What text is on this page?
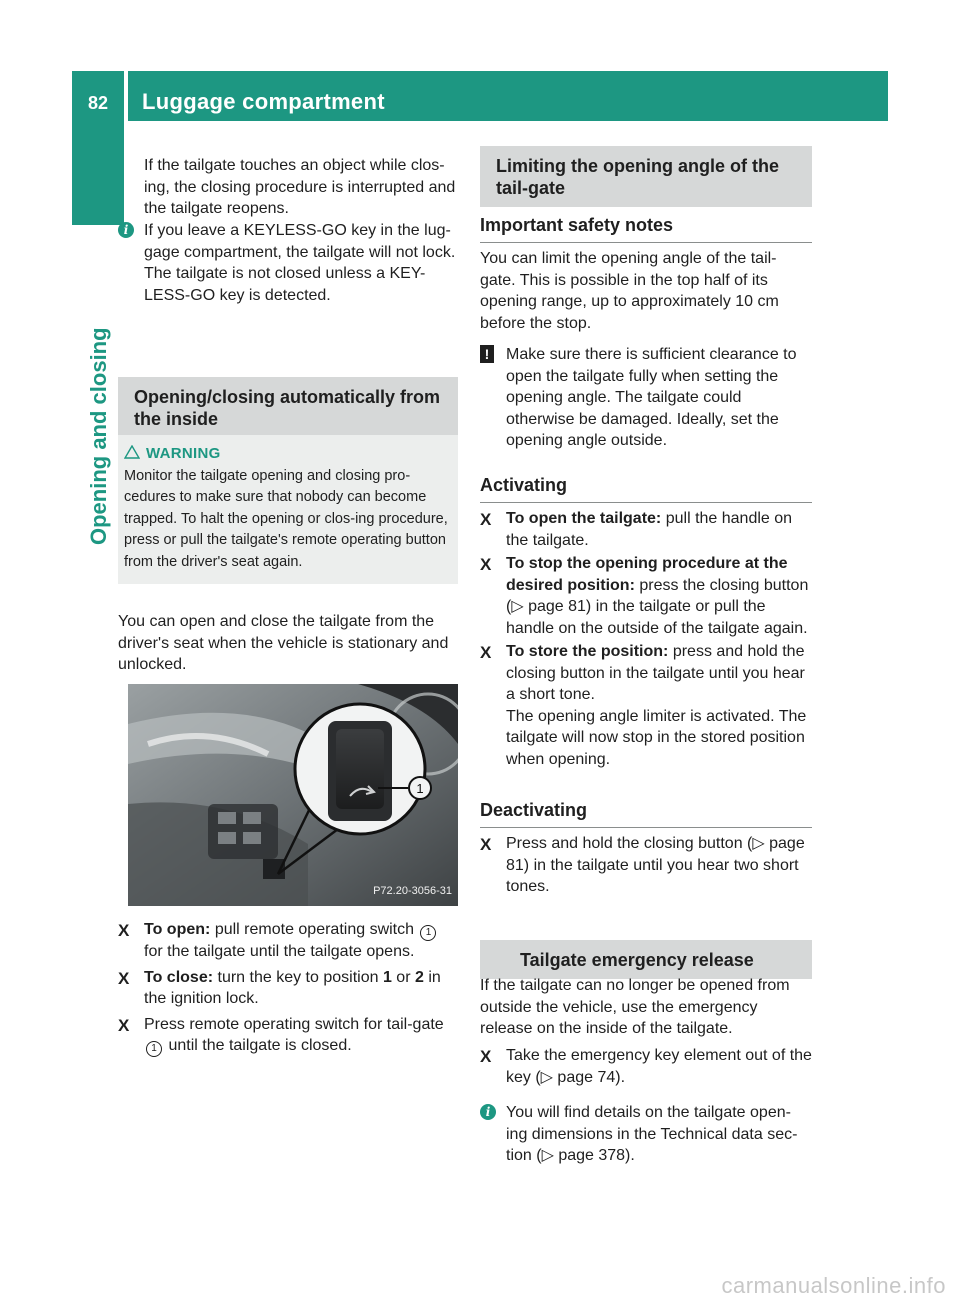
82 Luggage compartment
Opening and closing

If the tailgate touches an object while clos-ing, the closing procedure is interrupted and the tailgate reopens.

i If you leave a KEYLESS-GO key in the lug-gage compartment, the tailgate will not lock.

The tailgate is not closed unless a KEY-LESS-GO key is detected.

Opening/closing automatically from the inside
WARNING

Monitor the tailgate opening and closing pro-cedures to make sure that nobody can become trapped. To halt the opening or clos-ing procedure, press or pull the tailgate's remote operating button from the driver's seat again.

You can open and close the tailgate from the driver's seat when the vehicle is stationary and unlocked.

1
P72.20-3056-31
X To open: pull remote operating switch 1 for the tailgate until the tailgate opens.
X To close: turn the key to position 1 or 2 in the ignition lock.
X Press remote operating switch for tail-gate 1 until the tailgate is closed.
Limiting the opening angle of the tail-gate
Important safety notes

You can limit the opening angle of the tail-gate. This is possible in the top half of its opening range, up to approximately 10 cm before the stop.

! Make sure there is sufficient clearance to open the tailgate fully when setting the opening angle. The tailgate could otherwise be damaged. Ideally, set the opening angle outside.

Activating
X To open the tailgate: pull the handle on the tailgate.
X To stop the opening procedure at the desired position: press the closing button (▷ page 81) in the tailgate or pull the handle on the outside of the tailgate again.
X To store the position: press and hold the closing button in the tailgate until you hear a short tone.

The opening angle limiter is activated. The tailgate will now stop in the stored position when opening.

Deactivating
X Press and hold the closing button (▷ page 81) in the tailgate until you hear two short tones.
Tailgate emergency release

If the tailgate can no longer be opened from outside the vehicle, use the emergency release on the inside of the tailgate.

X Take the emergency key element out of the key (▷ page 74).
i You will find details on the tailgate open-ing dimensions in the Technical data sec-tion (▷ page 378).

carmanualsonline.info
